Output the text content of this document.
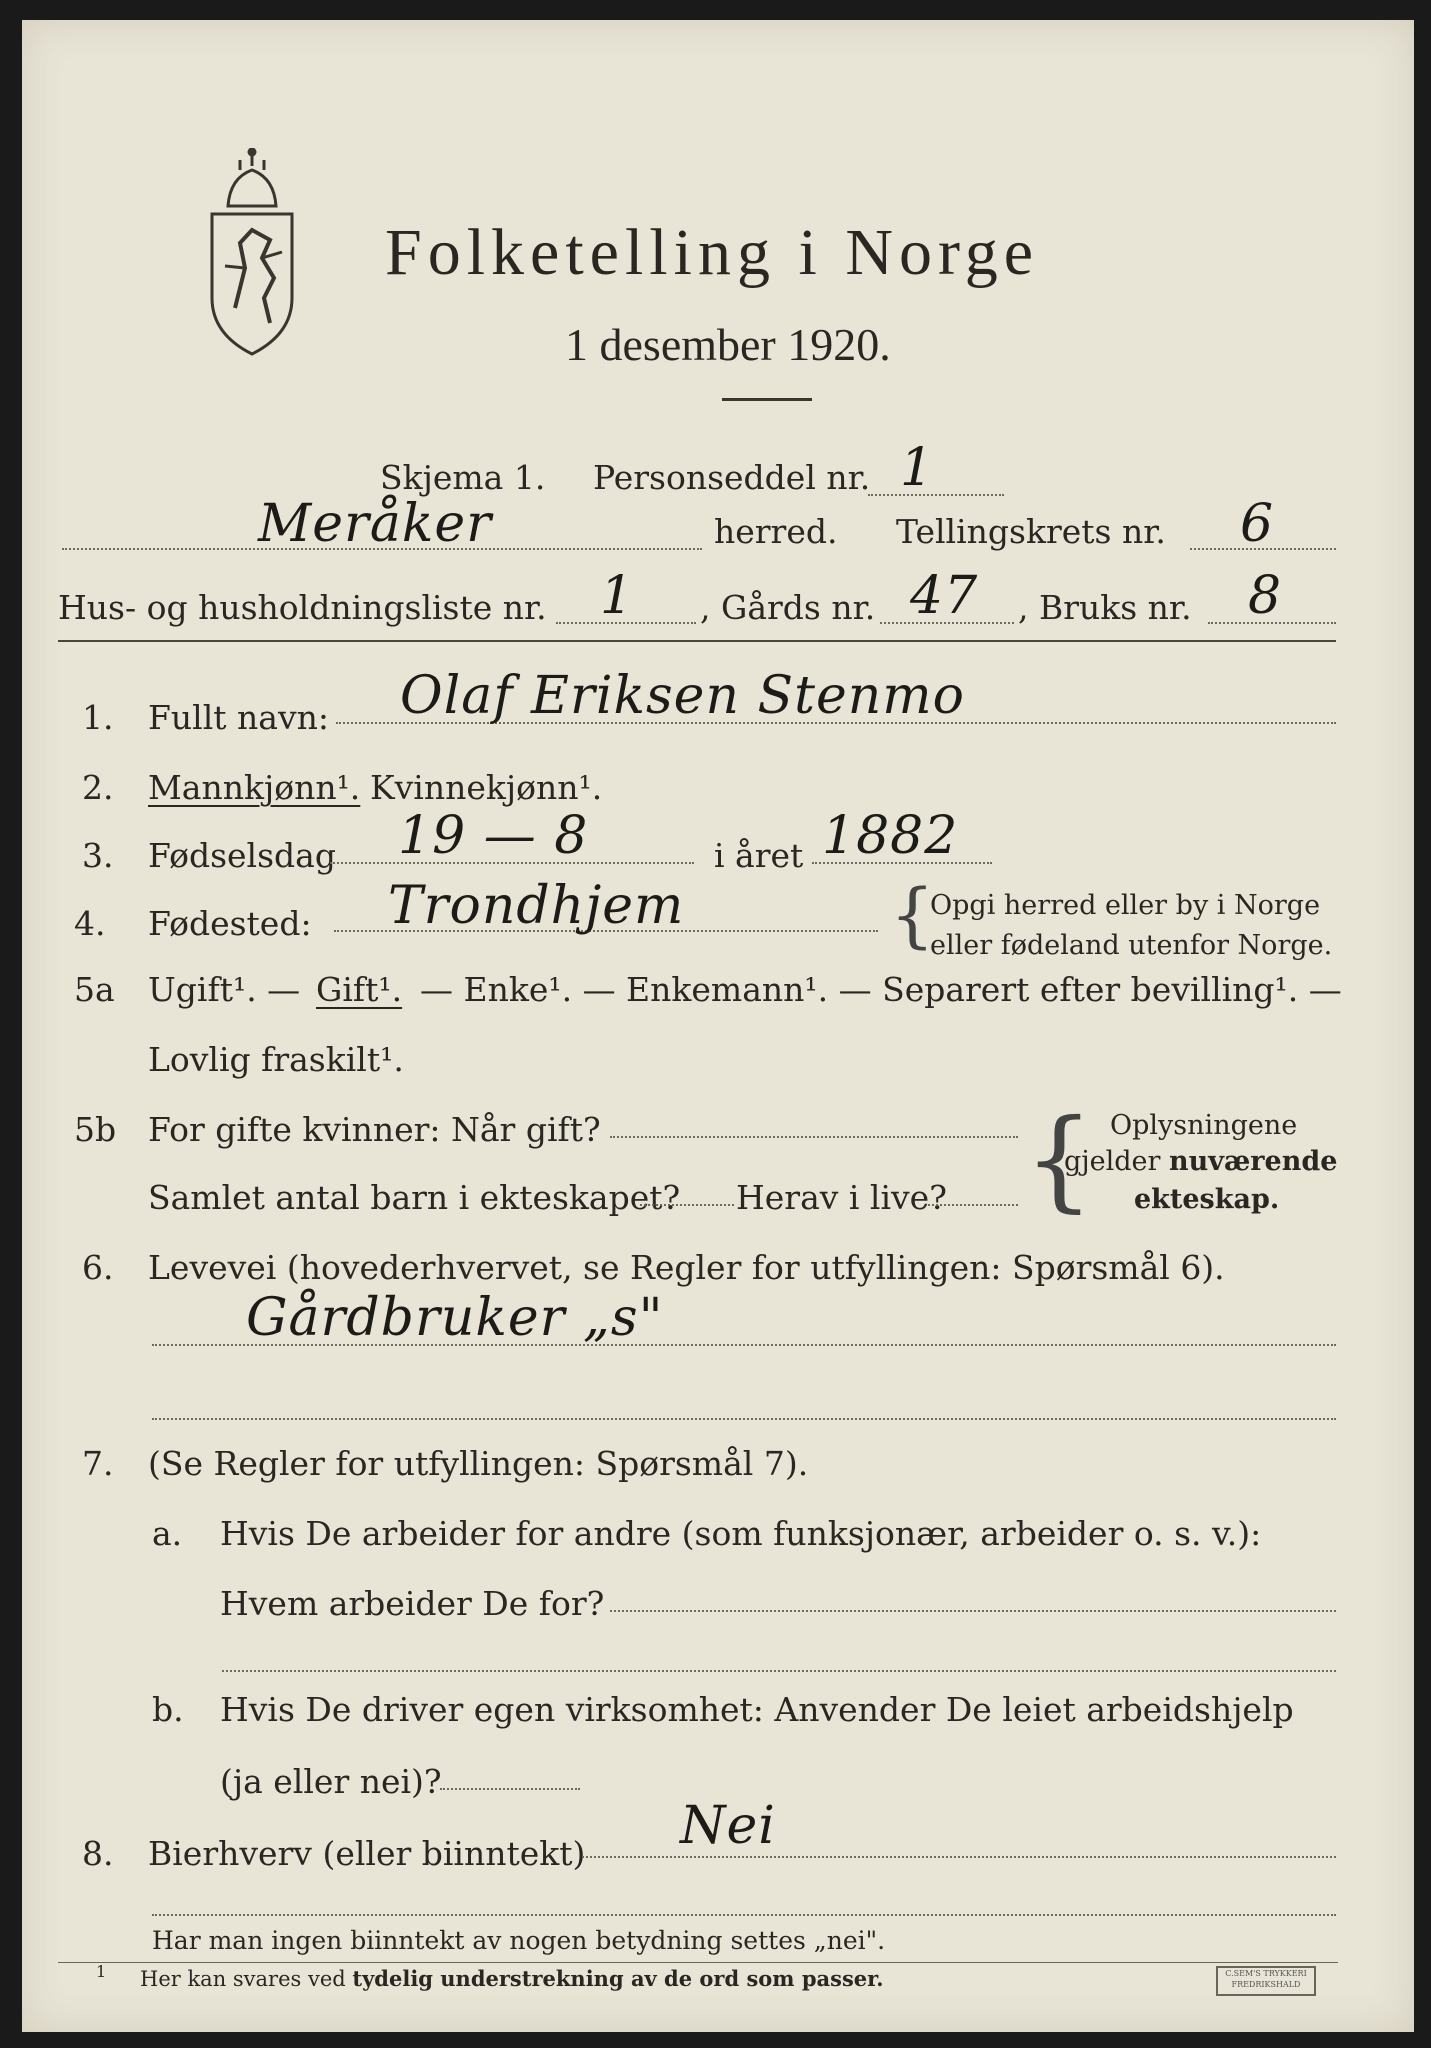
Folketelling i Norge
1 desember 1920.
Skjema 1. Personseddel nr. 1
Meråker	herred. Tellingskrets nr. 6
Hus- og husholdningsliste nr. 1 , Gårds nr. 47 , Bruks nr. 8
1. Fullt navn: Olaf Eriksen Stenmo
2. Mannkjønn¹. Kvinnekjønn¹.
3. Fødselsdag 19 — 8	i året 1882
4. Fødested: Trondhjem	{
Opgi herred eller by i Norge
eller fødeland utenfor Norge.
5a Ugift¹. — Gift¹. — Enke¹. — Enkemann¹. — Separert efter bevilling¹. —
Lovlig fraskilt¹.
5b For gifte kvinner: Når gift?
Samlet antal barn i ekteskapet? Herav i live? { Oplysningene
gjelder nuværende
ekteskap.
6. Levevei (hovederhvervet, se Regler for utfyllingen: Spørsmål 6).
Gårdbruker „s"
7. (Se Regler for utfyllingen: Spørsmål 7).
a. Hvis De arbeider for andre (som funksjonær, arbeider o. s. v.):
Hvem arbeider De for?
b. Hvis De driver egen virksomhet: Anvender De leiet arbeidshjelp
(ja eller nei)?
8. Bierhverv (eller biinntekt) Nei
Har man ingen biinntekt av nogen betydning settes „nei".
1 Her kan svares ved tydelig understrekning av de ord som passer.	C.SEM'S TRYKKERI FREDRIKSHALD
